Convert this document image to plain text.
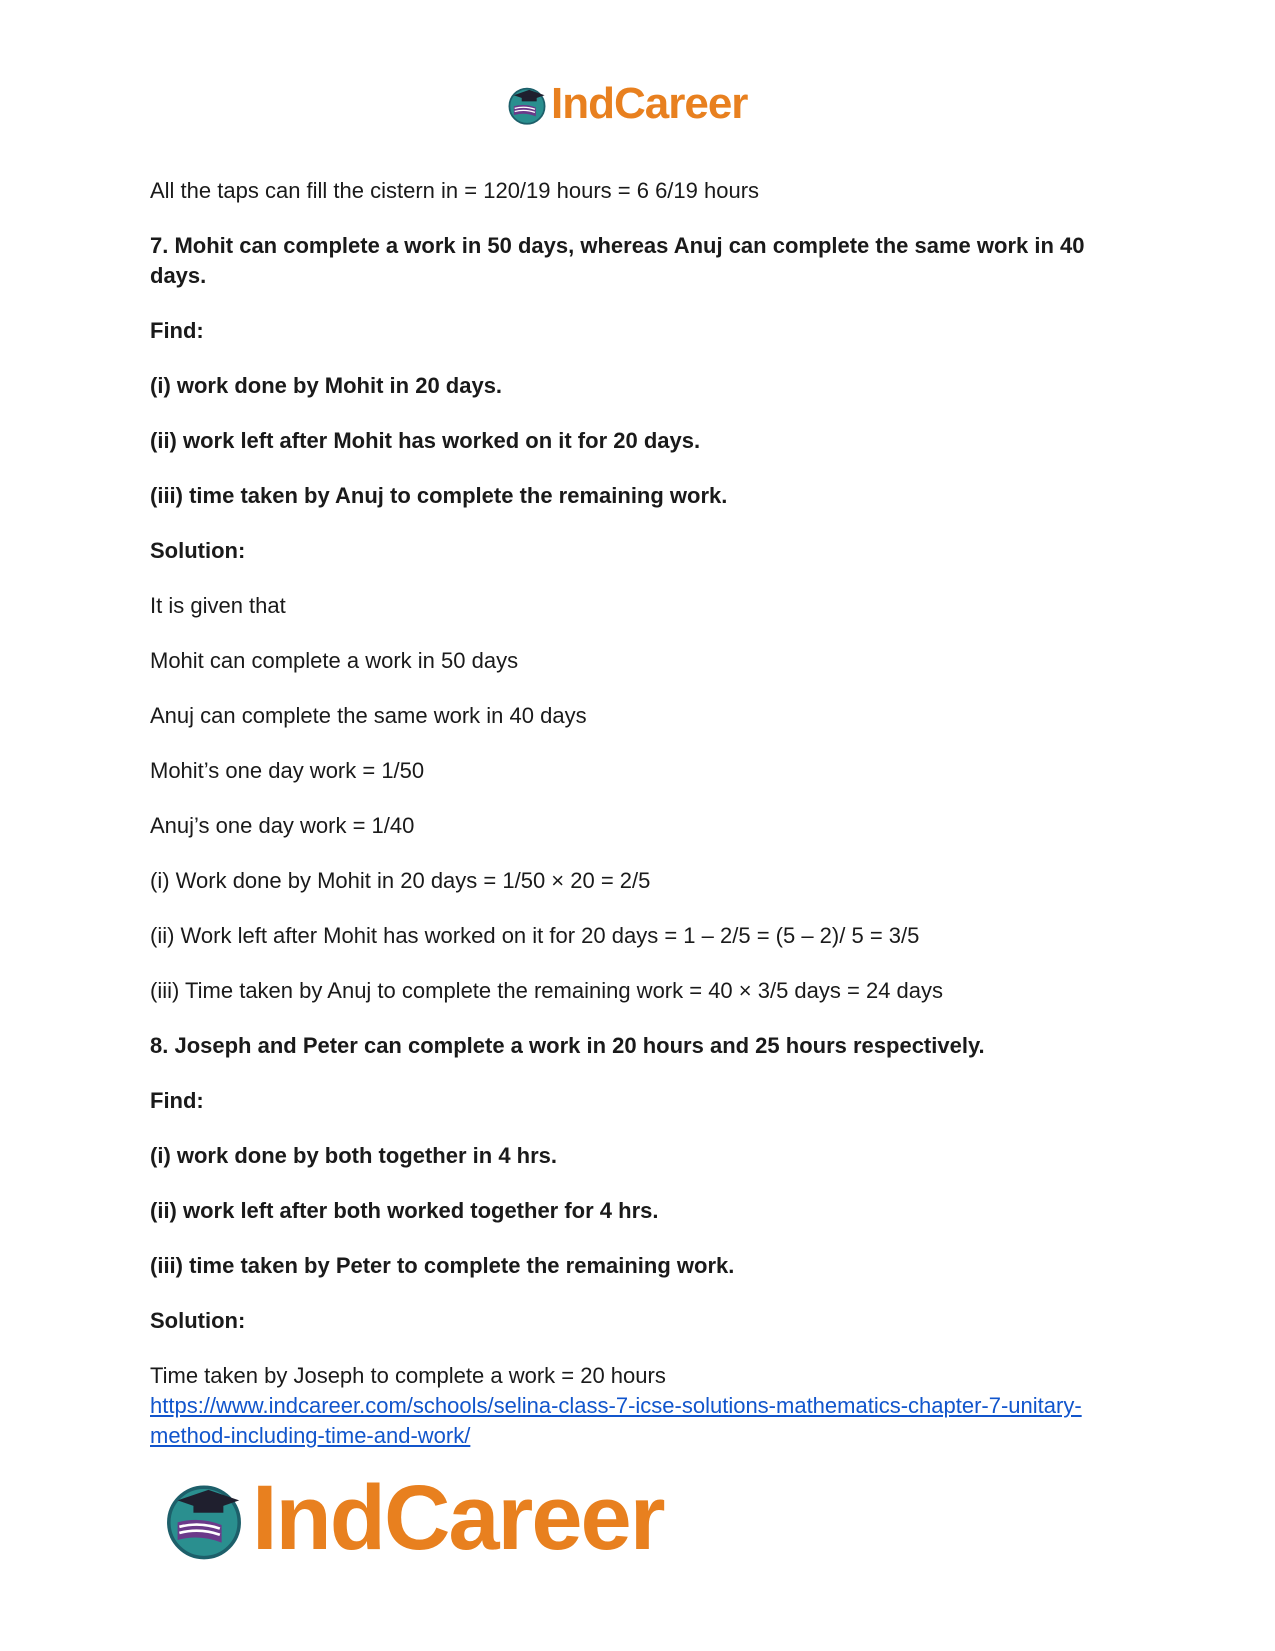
IndCareer

All the taps can fill the cistern in = 120/19 hours = 6 6/19 hours

7. Mohit can complete a work in 50 days, whereas Anuj can complete the same work in 40 days.

Find:

(i) work done by Mohit in 20 days.

(ii) work left after Mohit has worked on it for 20 days.

(iii) time taken by Anuj to complete the remaining work.

Solution:

It is given that

Mohit can complete a work in 50 days

Anuj can complete the same work in 40 days

Mohit’s one day work = 1/50

Anuj’s one day work = 1/40

(i) Work done by Mohit in 20 days = 1/50 × 20 = 2/5

(ii) Work left after Mohit has worked on it for 20 days = 1 – 2/5 = (5 – 2)/ 5 = 3/5

(iii) Time taken by Anuj to complete the remaining work = 40 × 3/5 days = 24 days

8. Joseph and Peter can complete a work in 20 hours and 25 hours respectively.

Find:

(i) work done by both together in 4 hrs.

(ii) work left after both worked together for 4 hrs.

(iii) time taken by Peter to complete the remaining work.

Solution:

Time taken by Joseph to complete a work = 20 hours
https://www.indcareer.com/schools/selina-class-7-icse-solutions-mathematics-chapter-7-unitary-method-including-time-and-work/

IndCareer
